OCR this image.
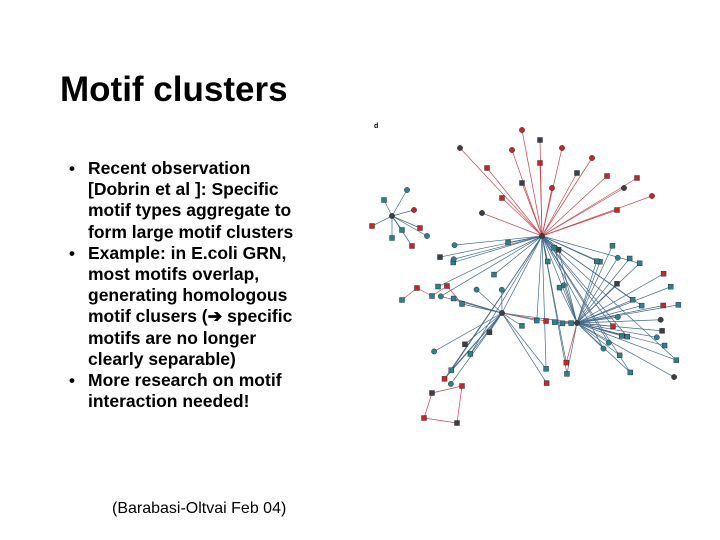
Motif clusters
• Recent observation
[Dobrin et al ]: Specific
motif types aggregate to
form large motif clusters
• Example: in E.coli GRN,
most motifs overlap,
generating homologous
motif clusers (➔ specific
motifs are no longer
clearly separable)
• More research on motif
interaction needed!
(Barabasi-Oltvai Feb 04)
d
